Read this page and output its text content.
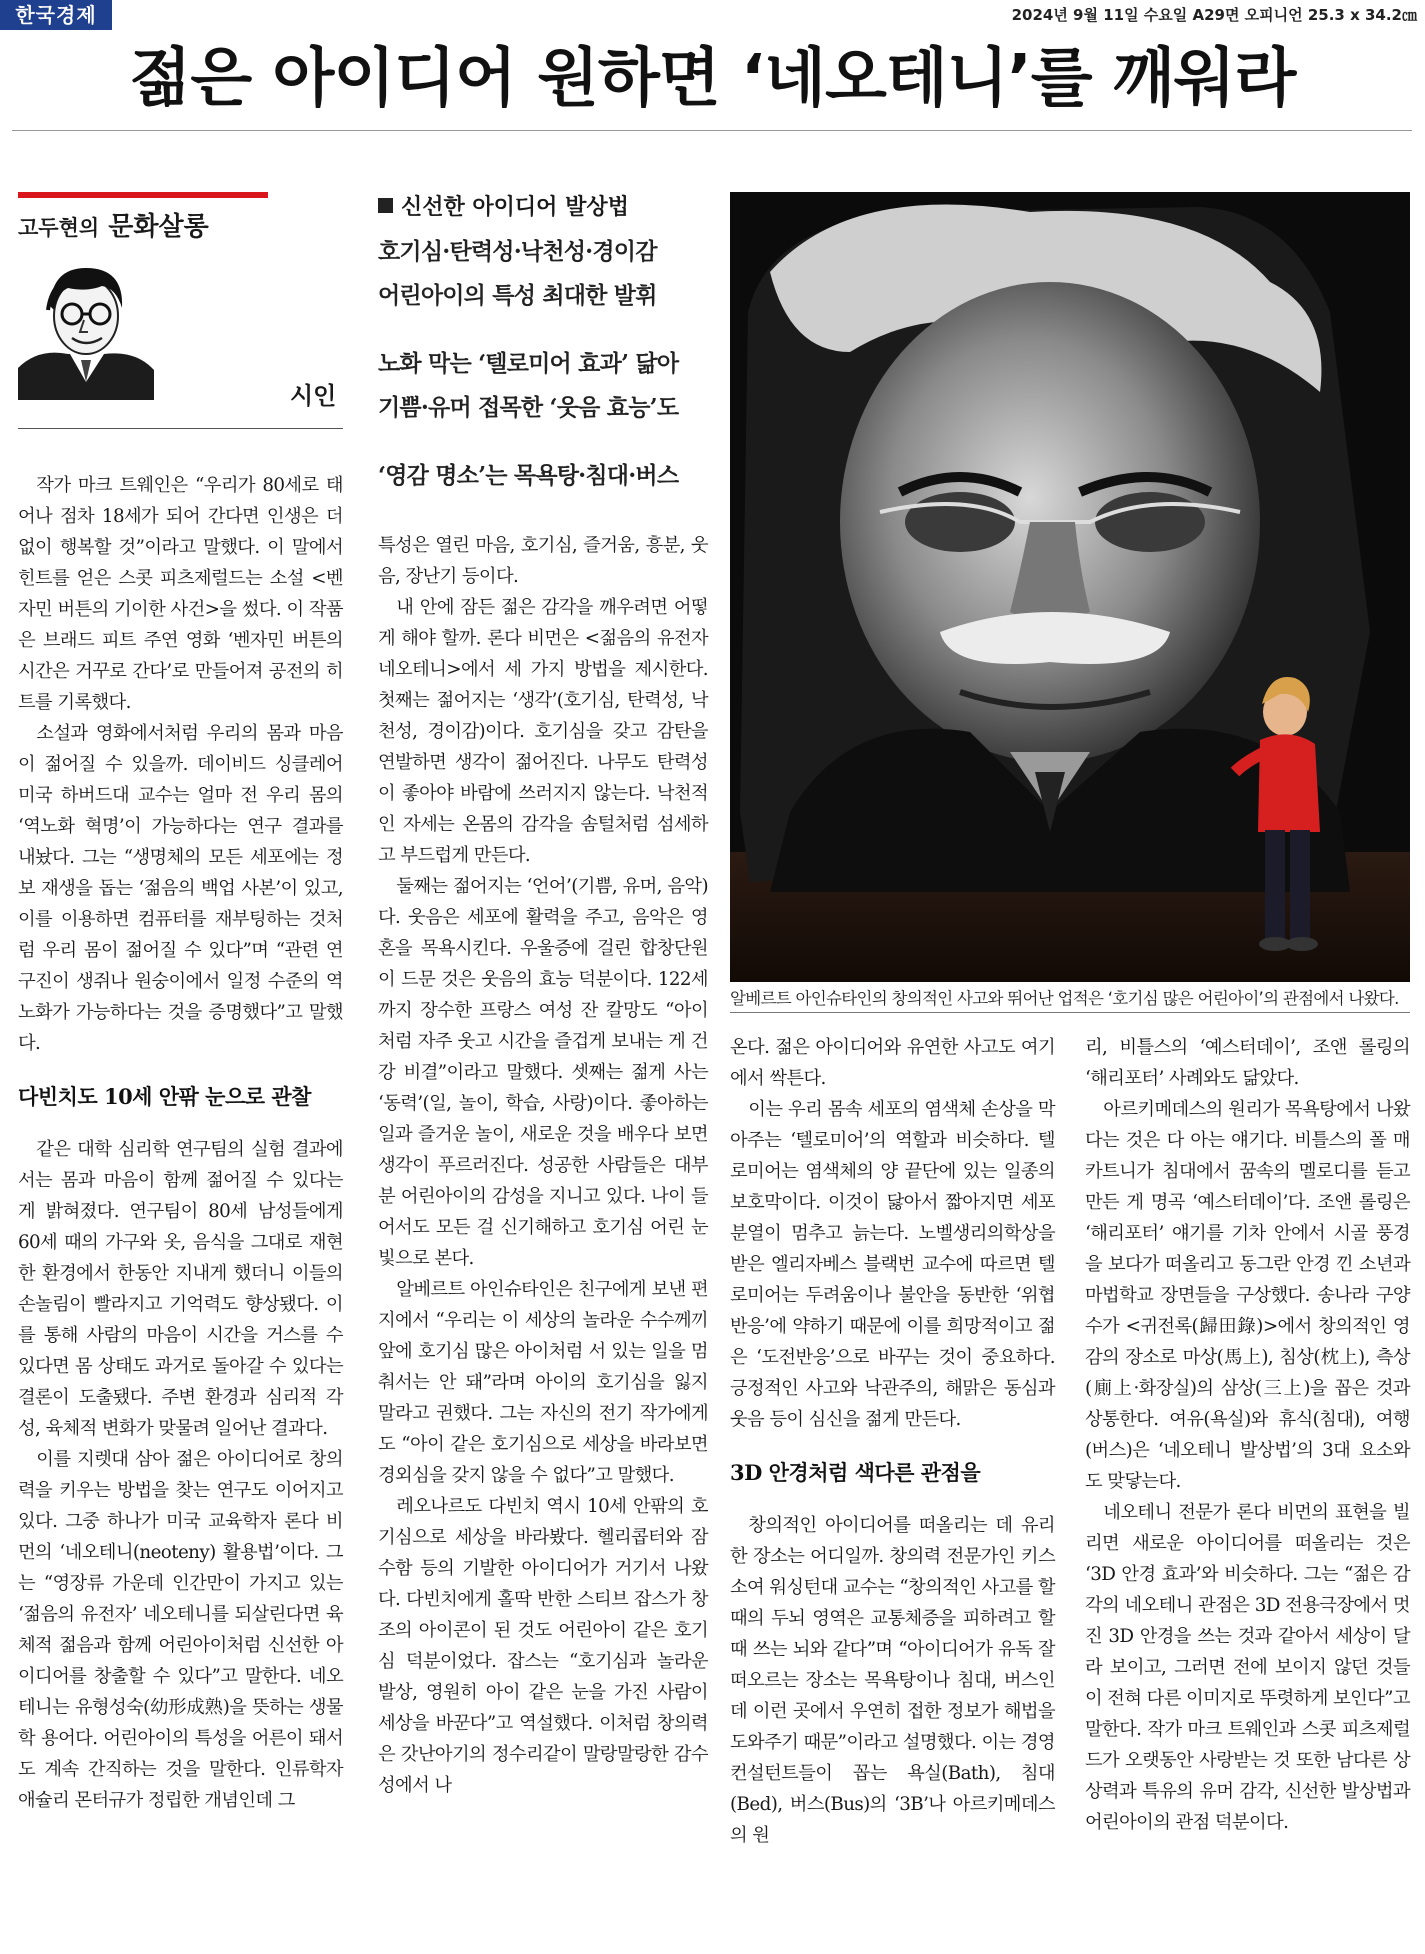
한국경제	2024년 9월 11일 수요일 A29면 오피니언 25.3 x 34.2㎝
젊은 아이디어 원하면 ‘네오테니’를 깨워라
고두현의 문화살롱
시인

작가 마크 트웨인은 “우리가 80세로 태어나 점차 18세가 되어 간다면 인생은 더없이 행복할 것”이라고 말했다. 이 말에서 힌트를 얻은 스콧 피츠제럴드는 소설 <벤자민 버튼의 기이한 사건>을 썼다. 이 작품은 브래드 피트 주연 영화 ‘벤자민 버튼의 시간은 거꾸로 간다’로 만들어져 공전의 히트를 기록했다.

소설과 영화에서처럼 우리의 몸과 마음이 젊어질 수 있을까. 데이비드 싱클레어 미국 하버드대 교수는 얼마 전 우리 몸의 ‘역노화 혁명’이 가능하다는 연구 결과를 내놨다. 그는 “생명체의 모든 세포에는 정보 재생을 돕는 ‘젊음의 백업 사본’이 있고, 이를 이용하면 컴퓨터를 재부팅하는 것처럼 우리 몸이 젊어질 수 있다”며 “관련 연구진이 생쥐나 원숭이에서 일정 수준의 역노화가 가능하다는 것을 증명했다”고 말했다.

다빈치도 10세 안팎 눈으로 관찰

같은 대학 심리학 연구팀의 실험 결과에서는 몸과 마음이 함께 젊어질 수 있다는 게 밝혀졌다. 연구팀이 80세 남성들에게 60세 때의 가구와 옷, 음식을 그대로 재현한 환경에서 한동안 지내게 했더니 이들의 손놀림이 빨라지고 기억력도 향상됐다. 이를 통해 사람의 마음이 시간을 거스를 수 있다면 몸 상태도 과거로 돌아갈 수 있다는 결론이 도출됐다. 주변 환경과 심리적 각성, 육체적 변화가 맞물려 일어난 결과다.

이를 지렛대 삼아 젊은 아이디어로 창의력을 키우는 방법을 찾는 연구도 이어지고 있다. 그중 하나가 미국 교육학자 론다 비먼의 ‘네오테니(neoteny) 활용법’이다. 그는 “영장류 가운데 인간만이 가지고 있는 ‘젊음의 유전자’ 네오테니를 되살린다면 육체적 젊음과 함께 어린아이처럼 신선한 아이디어를 창출할 수 있다”고 말한다. 네오테니는 유형성숙(幼形成熟)을 뜻하는 생물학 용어다. 어린아이의 특성을 어른이 돼서도 계속 간직하는 것을 말한다. 인류학자 애슐리 몬터규가 정립한 개념인데 그

신선한 아이디어 발상법
호기심·탄력성·낙천성·경이감
어린아이의 특성 최대한 발휘
노화 막는 ‘텔로미어 효과’ 닮아
기쁨·유머 접목한 ‘웃음 효능’도
‘영감 명소’는 목욕탕·침대·버스

특성은 열린 마음, 호기심, 즐거움, 흥분, 웃음, 장난기 등이다.

내 안에 잠든 젊은 감각을 깨우려면 어떻게 해야 할까. 론다 비먼은 <젊음의 유전자 네오테니>에서 세 가지 방법을 제시한다. 첫째는 젊어지는 ‘생각’(호기심, 탄력성, 낙천성, 경이감)이다. 호기심을 갖고 감탄을 연발하면 생각이 젊어진다. 나무도 탄력성이 좋아야 바람에 쓰러지지 않는다. 낙천적인 자세는 온몸의 감각을 솜털처럼 섬세하고 부드럽게 만든다.

둘째는 젊어지는 ‘언어’(기쁨, 유머, 음악)다. 웃음은 세포에 활력을 주고, 음악은 영혼을 목욕시킨다. 우울증에 걸린 합창단원이 드문 것은 웃음의 효능 덕분이다. 122세까지 장수한 프랑스 여성 잔 칼망도 “아이처럼 자주 웃고 시간을 즐겁게 보내는 게 건강 비결”이라고 말했다. 셋째는 젊게 사는 ‘동력’(일, 놀이, 학습, 사랑)이다. 좋아하는 일과 즐거운 놀이, 새로운 것을 배우다 보면 생각이 푸르러진다. 성공한 사람들은 대부분 어린아이의 감성을 지니고 있다. 나이 들어서도 모든 걸 신기해하고 호기심 어린 눈빛으로 본다.

알베르트 아인슈타인은 친구에게 보낸 편지에서 “우리는 이 세상의 놀라운 수수께끼 앞에 호기심 많은 아이처럼 서 있는 일을 멈춰서는 안 돼”라며 아이의 호기심을 잃지 말라고 권했다. 그는 자신의 전기 작가에게도 “아이 같은 호기심으로 세상을 바라보면 경외심을 갖지 않을 수 없다”고 말했다.

레오나르도 다빈치 역시 10세 안팎의 호기심으로 세상을 바라봤다. 헬리콥터와 잠수함 등의 기발한 아이디어가 거기서 나왔다. 다빈치에게 홀딱 반한 스티브 잡스가 창조의 아이콘이 된 것도 어린아이 같은 호기심 덕분이었다. 잡스는 “호기심과 놀라운 발상, 영원히 아이 같은 눈을 가진 사람이 세상을 바꾼다”고 역설했다. 이처럼 창의력은 갓난아기의 정수리같이 말랑말랑한 감수성에서 나

알베르트 아인슈타인의 창의적인 사고와 뛰어난 업적은 ‘호기심 많은 어린아이’의 관점에서 나왔다.

온다. 젊은 아이디어와 유연한 사고도 여기에서 싹튼다.

이는 우리 몸속 세포의 염색체 손상을 막아주는 ‘텔로미어’의 역할과 비슷하다. 텔로미어는 염색체의 양 끝단에 있는 일종의 보호막이다. 이것이 닳아서 짧아지면 세포 분열이 멈추고 늙는다. 노벨생리의학상을 받은 엘리자베스 블랙번 교수에 따르면 텔로미어는 두려움이나 불안을 동반한 ‘위협반응’에 약하기 때문에 이를 희망적이고 젊은 ‘도전반응’으로 바꾸는 것이 중요하다. 긍정적인 사고와 낙관주의, 해맑은 동심과 웃음 등이 심신을 젊게 만든다.

3D 안경처럼 색다른 관점을

창의적인 아이디어를 떠올리는 데 유리한 장소는 어디일까. 창의력 전문가인 키스 소여 워싱턴대 교수는 “창의적인 사고를 할 때의 두뇌 영역은 교통체증을 피하려고 할 때 쓰는 뇌와 같다”며 “아이디어가 유독 잘 떠오르는 장소는 목욕탕이나 침대, 버스인데 이런 곳에서 우연히 접한 정보가 해법을 도와주기 때문”이라고 설명했다. 이는 경영 컨설턴트들이 꼽는 욕실(Bath), 침대(Bed), 버스(Bus)의 ‘3B’나 아르키메데스의 원

리, 비틀스의 ‘예스터데이’, 조앤 롤링의 ‘해리포터’ 사례와도 닮았다.

아르키메데스의 원리가 목욕탕에서 나왔다는 것은 다 아는 얘기다. 비틀스의 폴 매카트니가 침대에서 꿈속의 멜로디를 듣고 만든 게 명곡 ‘예스터데이’다. 조앤 롤링은 ‘해리포터’ 얘기를 기차 안에서 시골 풍경을 보다가 떠올리고 동그란 안경 낀 소년과 마법학교 장면들을 구상했다. 송나라 구양수가 <귀전록(歸田錄)>에서 창의적인 영감의 장소로 마상(馬上), 침상(枕上), 측상(廁上·화장실)의 삼상(三上)을 꼽은 것과 상통한다. 여유(욕실)와 휴식(침대), 여행(버스)은 ‘네오테니 발상법’의 3대 요소와도 맞닿는다.

네오테니 전문가 론다 비먼의 표현을 빌리면 새로운 아이디어를 떠올리는 것은 ‘3D 안경 효과’와 비슷하다. 그는 “젊은 감각의 네오테니 관점은 3D 전용극장에서 멋진 3D 안경을 쓰는 것과 같아서 세상이 달라 보이고, 그러면 전에 보이지 않던 것들이 전혀 다른 이미지로 뚜렷하게 보인다”고 말한다. 작가 마크 트웨인과 스콧 피츠제럴드가 오랫동안 사랑받는 것 또한 남다른 상상력과 특유의 유머 감각, 신선한 발상법과 어린아이의 관점 덕분이다.
